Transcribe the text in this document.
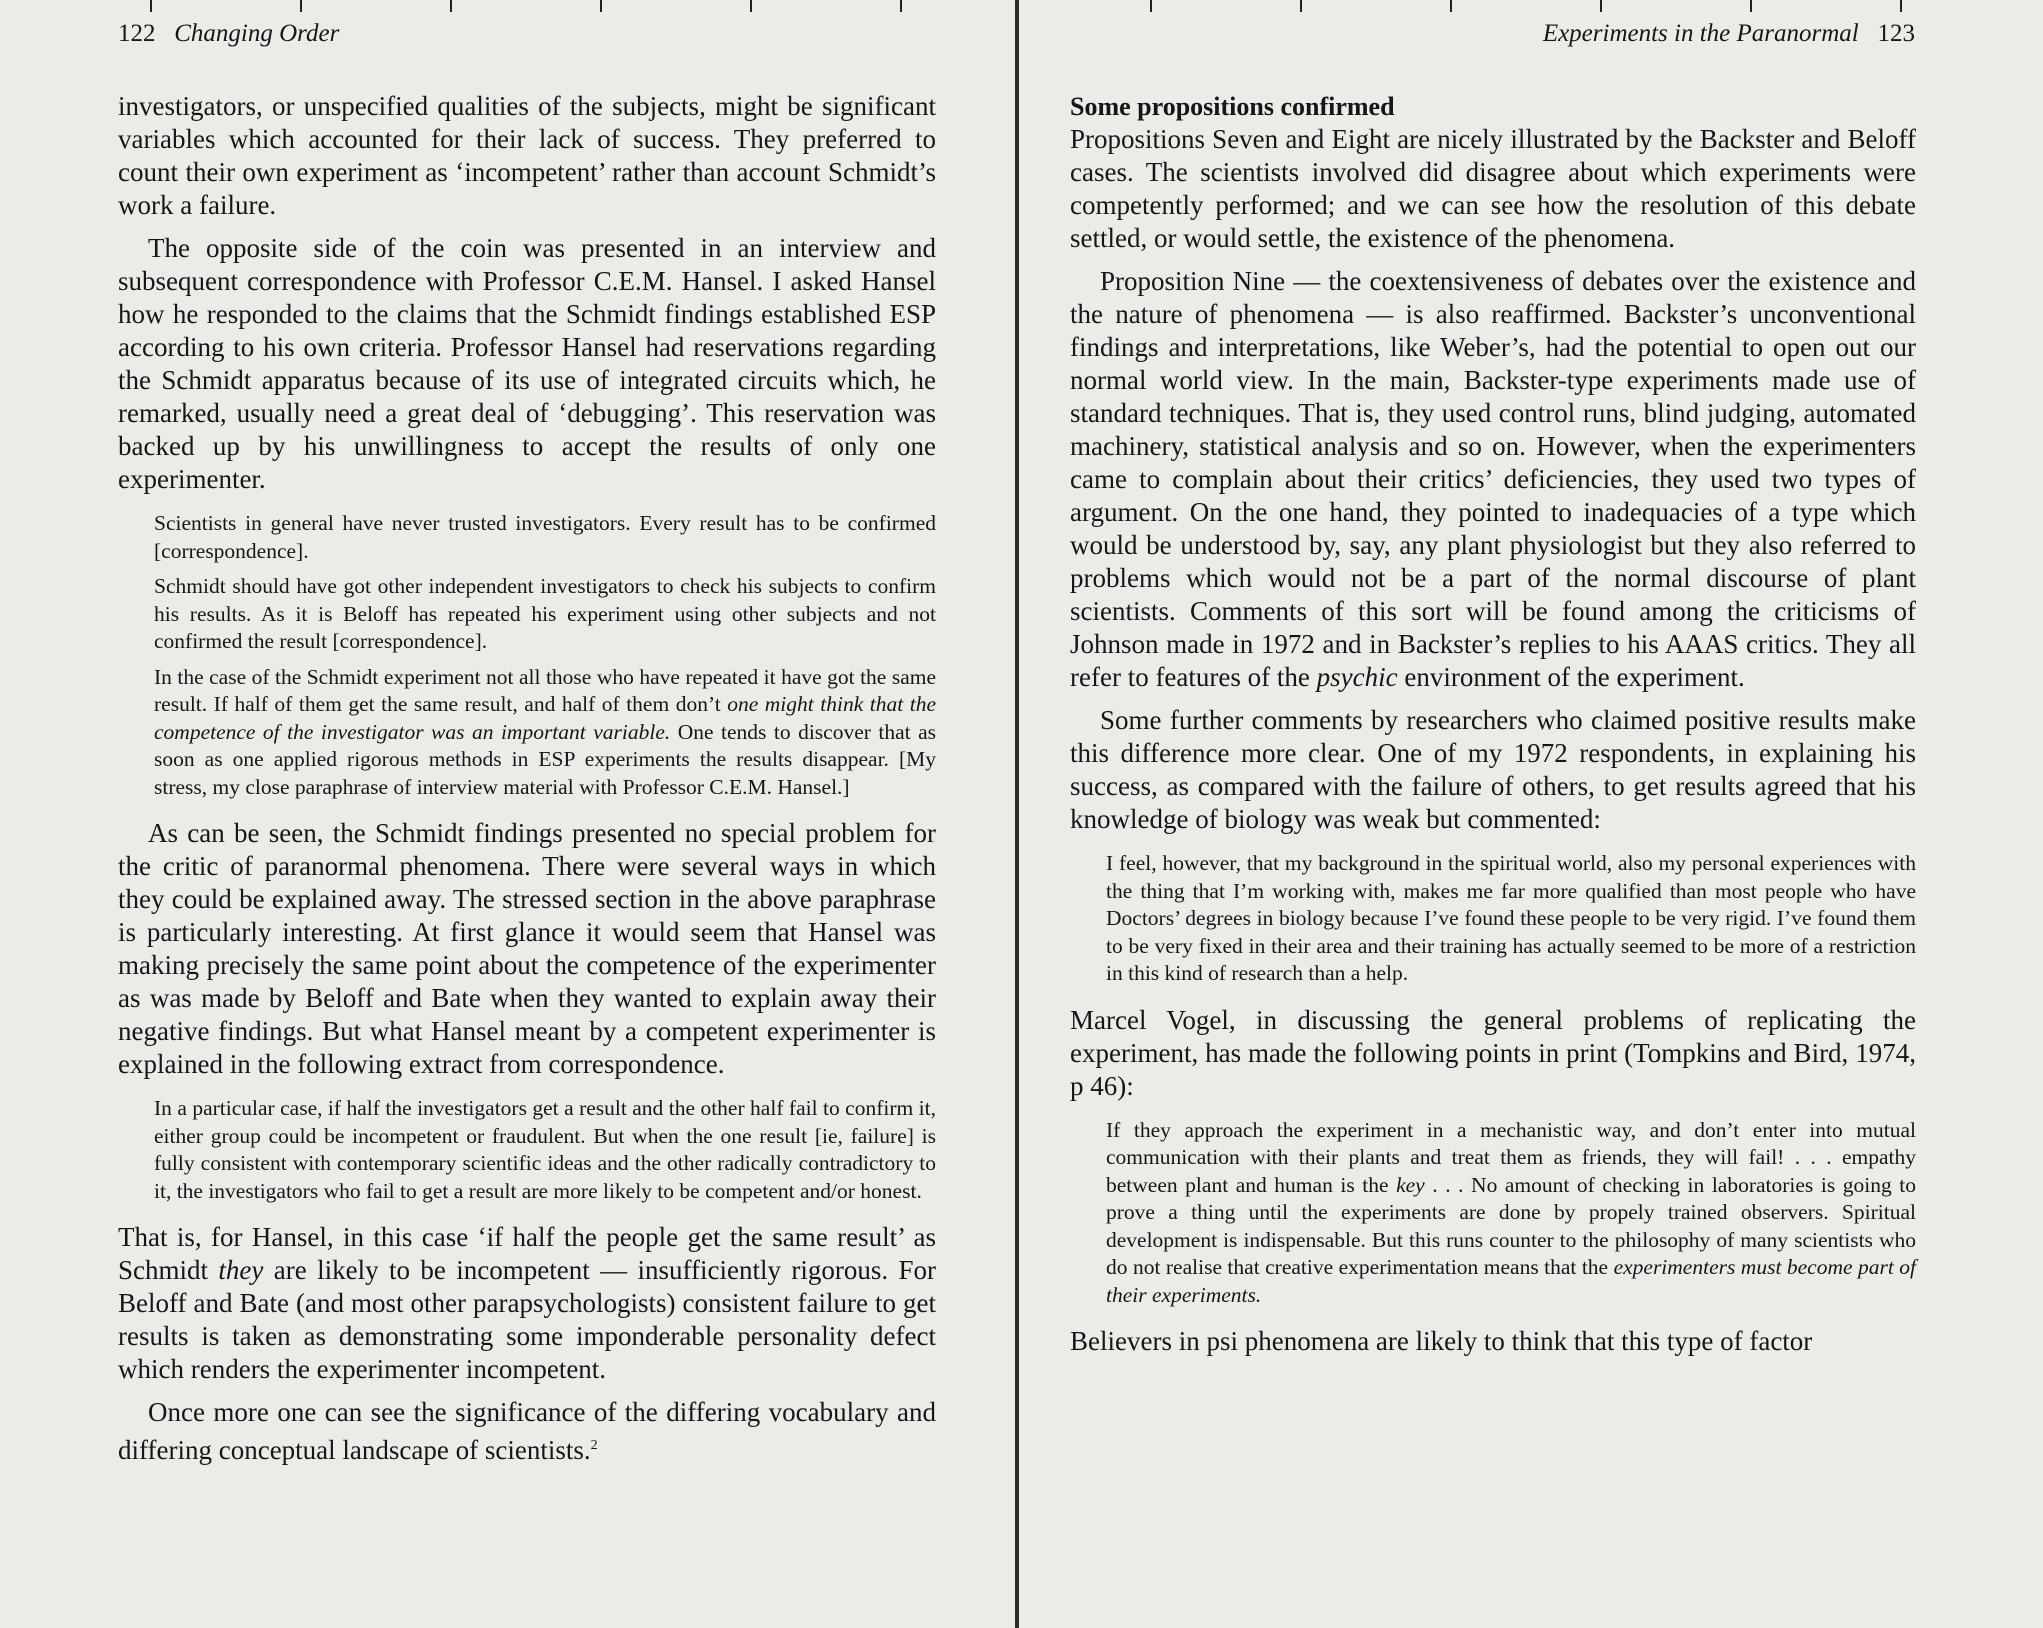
122 Changing Order

investigators, or unspecified qualities of the subjects, might be significant variables which accounted for their lack of success. They preferred to count their own experiment as ‘incompetent’ rather than account Schmidt’s work a failure.

The opposite side of the coin was presented in an interview and subsequent correspondence with Professor C.E.M. Hansel. I asked Hansel how he responded to the claims that the Schmidt findings established ESP according to his own criteria. Professor Hansel had reservations regarding the Schmidt apparatus because of its use of integrated circuits which, he remarked, usually need a great deal of ‘debugging’. This reservation was backed up by his unwillingness to accept the results of only one experimenter.

Scientists in general have never trusted investigators. Every result has to be confirmed [correspondence].

Schmidt should have got other independent investigators to check his subjects to confirm his results. As it is Beloff has repeated his experiment using other subjects and not confirmed the result [correspondence].

In the case of the Schmidt experiment not all those who have repeated it have got the same result. If half of them get the same result, and half of them don’t one might think that the competence of the investigator was an important variable. One tends to discover that as soon as one applied rigorous methods in ESP experiments the results disappear. [My stress, my close paraphrase of interview material with Professor C.E.M. Hansel.]

As can be seen, the Schmidt findings presented no special problem for the critic of paranormal phenomena. There were several ways in which they could be explained away. The stressed section in the above paraphrase is particularly interesting. At first glance it would seem that Hansel was making precisely the same point about the competence of the experimenter as was made by Beloff and Bate when they wanted to explain away their negative findings. But what Hansel meant by a competent experimenter is explained in the following extract from correspondence.

In a particular case, if half the investigators get a result and the other half fail to confirm it, either group could be incompetent or fraudulent. But when the one result [ie, failure] is fully consistent with contemporary scientific ideas and the other radically contradictory to it, the investigators who fail to get a result are more likely to be competent and/or honest.

That is, for Hansel, in this case ‘if half the people get the same result’ as Schmidt they are likely to be incompetent — insufficiently rigorous. For Beloff and Bate (and most other parapsychologists) consistent failure to get results is taken as demonstrating some imponderable personality defect which renders the experimenter incompetent.

Once more one can see the significance of the differing vocabulary and differing conceptual landscape of scientists.$^2$

Experiments in the Paranormal 123

Some propositions confirmed

Propositions Seven and Eight are nicely illustrated by the Backster and Beloff cases. The scientists involved did disagree about which experiments were competently performed; and we can see how the resolution of this debate settled, or would settle, the existence of the phenomena.

Proposition Nine — the coextensiveness of debates over the existence and the nature of phenomena — is also reaffirmed. Backster’s unconventional findings and interpretations, like Weber’s, had the potential to open out our normal world view. In the main, Backster-type experiments made use of standard techniques. That is, they used control runs, blind judging, automated machinery, statistical analysis and so on. However, when the experimenters came to complain about their critics’ deficiencies, they used two types of argument. On the one hand, they pointed to inadequacies of a type which would be understood by, say, any plant physiologist but they also referred to problems which would not be a part of the normal discourse of plant scientists. Comments of this sort will be found among the criticisms of Johnson made in 1972 and in Backster’s replies to his AAAS critics. They all refer to features of the psychic environment of the experiment.

Some further comments by researchers who claimed positive results make this difference more clear. One of my 1972 respondents, in explaining his success, as compared with the failure of others, to get results agreed that his knowledge of biology was weak but commented:

I feel, however, that my background in the spiritual world, also my personal experiences with the thing that I’m working with, makes me far more qualified than most people who have Doctors’ degrees in biology because I’ve found these people to be very rigid. I’ve found them to be very fixed in their area and their training has actually seemed to be more of a restriction in this kind of research than a help.

Marcel Vogel, in discussing the general problems of replicating the experiment, has made the following points in print (Tompkins and Bird, 1974, p 46):

If they approach the experiment in a mechanistic way, and don’t enter into mutual communication with their plants and treat them as friends, they will fail! . . . empathy between plant and human is the key . . . No amount of checking in laboratories is going to prove a thing until the experiments are done by propely trained observers. Spiritual development is indispensable. But this runs counter to the philosophy of many scientists who do not realise that creative experimentation means that the experimenters must become part of their experiments.

Believers in psi phenomena are likely to think that this type of factor
